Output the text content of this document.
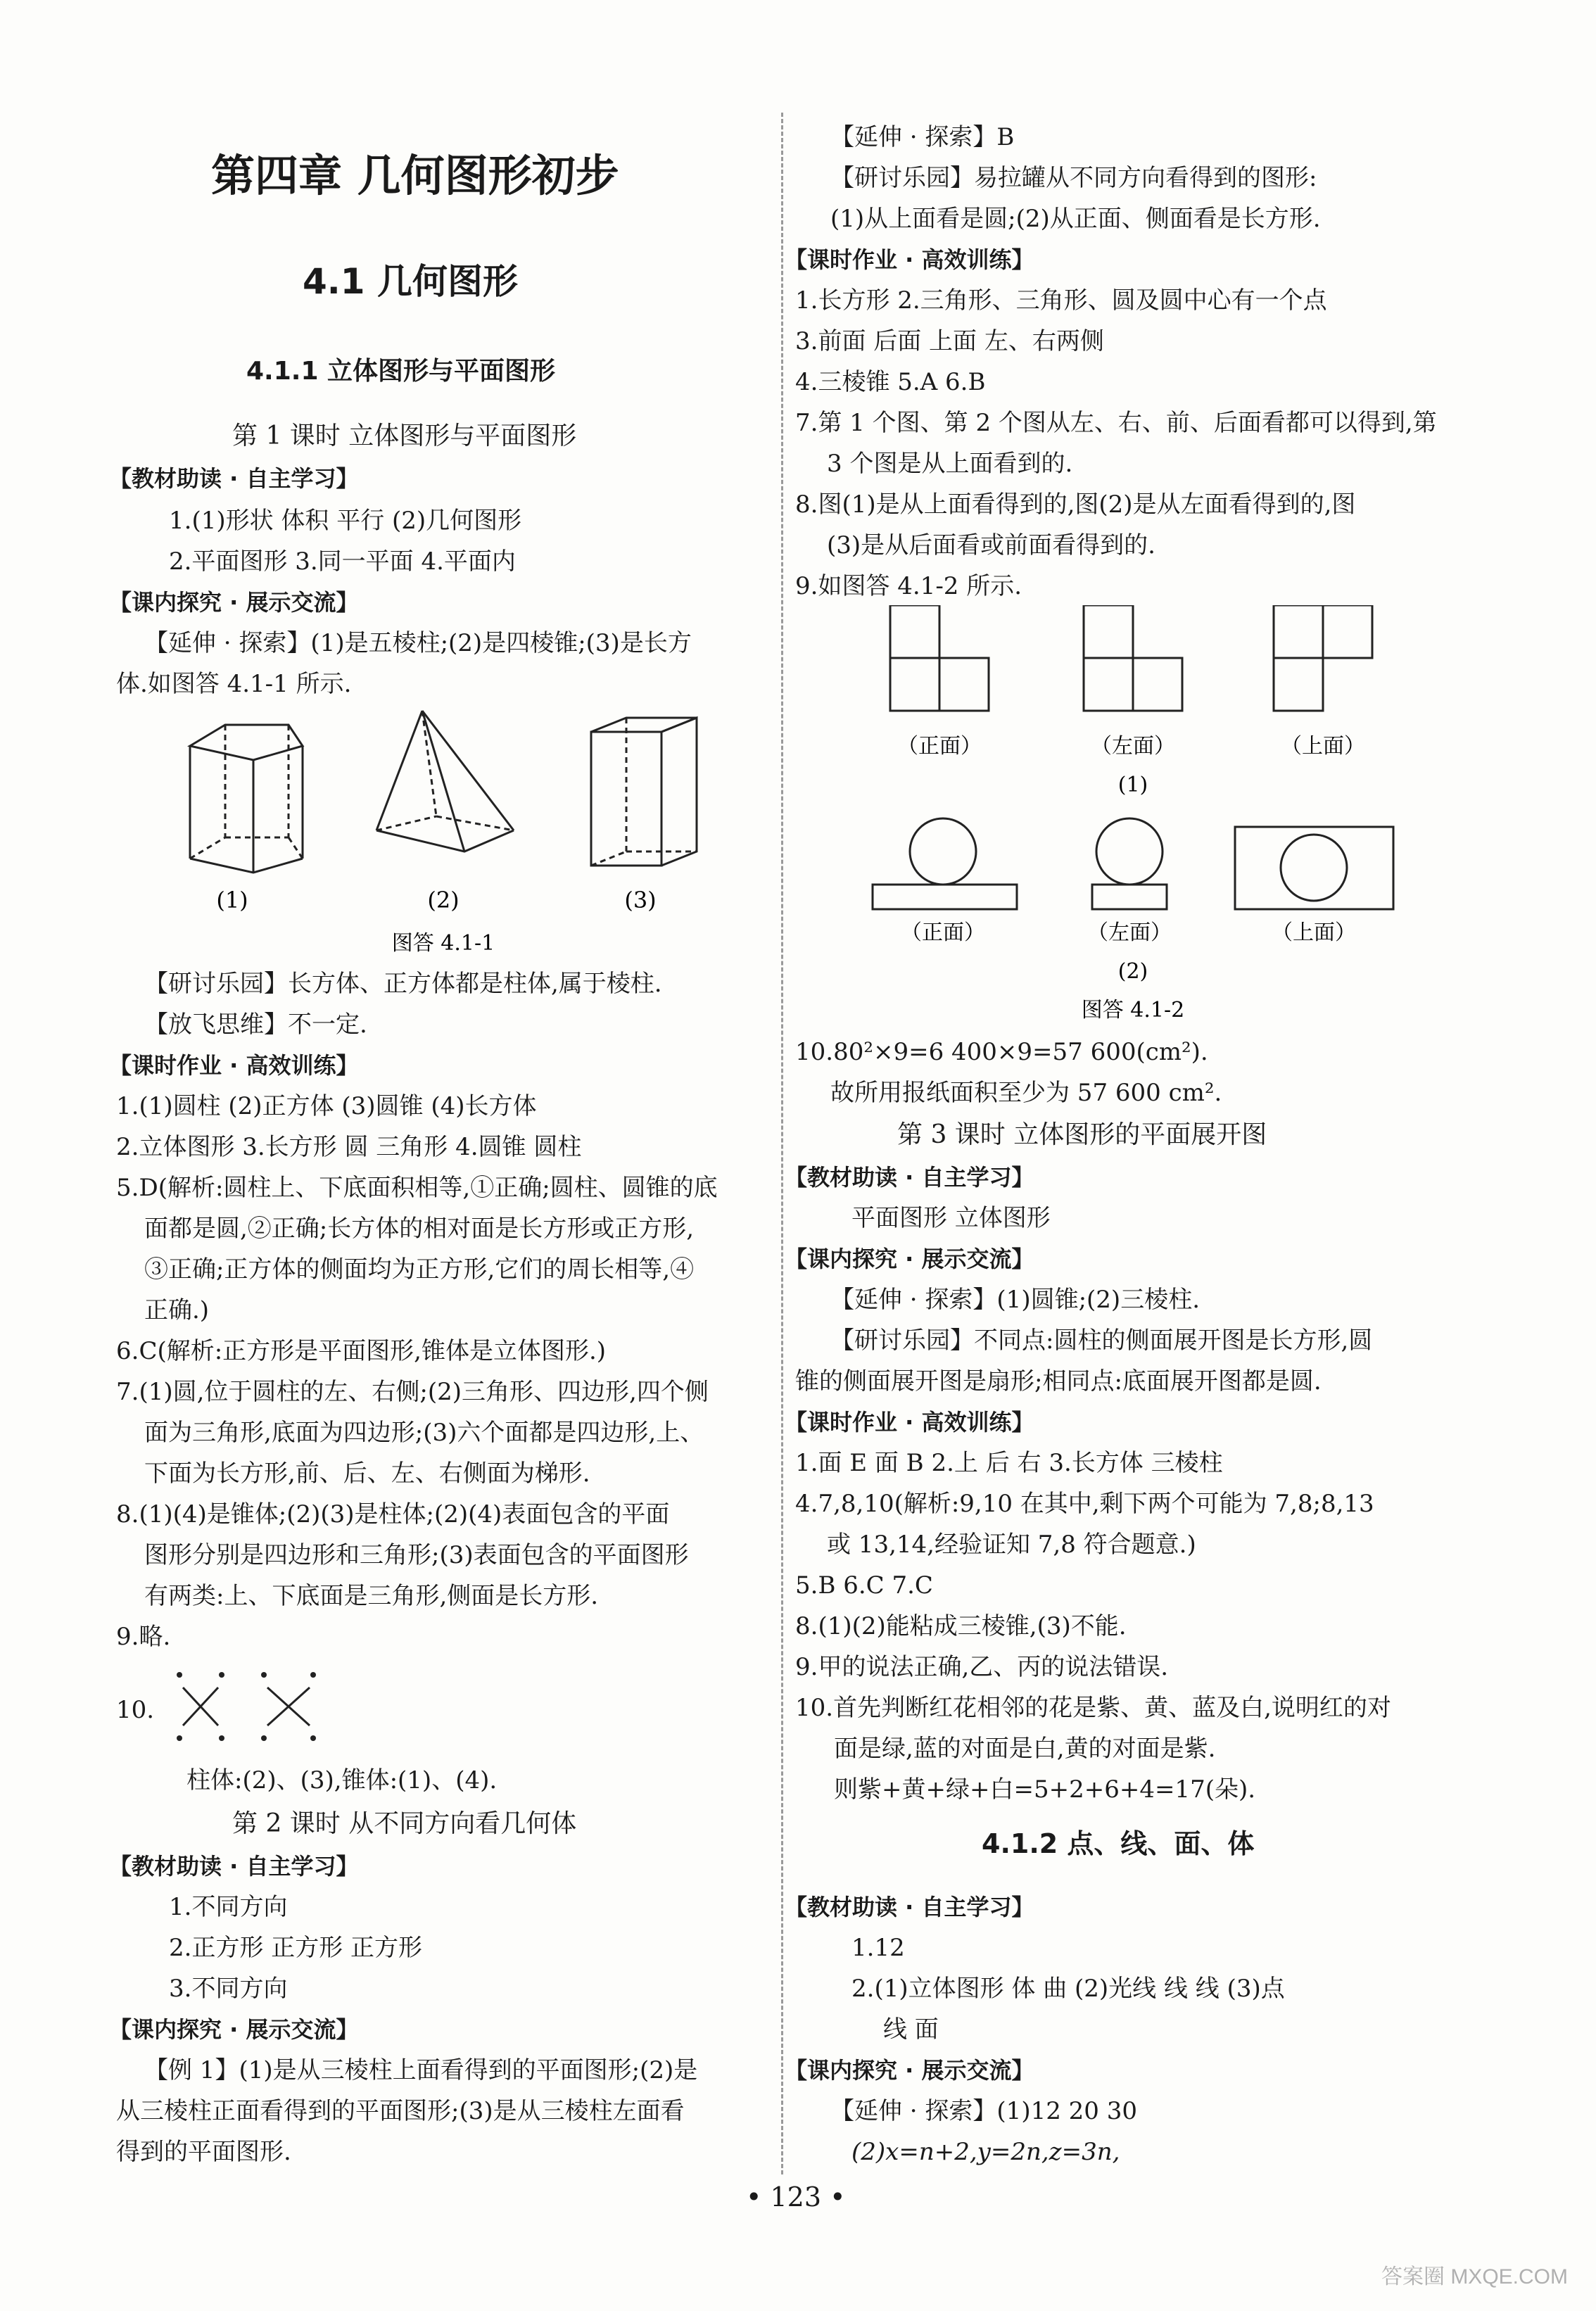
第四章 几何图形初步
4.1 几何图形
4.1.1 立体图形与平面图形
第 1 课时 立体图形与平面图形
【教材助读 · 自主学习】
1.(1)形状 体积 平行 (2)几何图形
2.平面图形 3.同一平面 4.平面内
【课内探究 · 展示交流】
【延伸 · 探索】(1)是五棱柱;(2)是四棱锥;(3)是长方
体.如图答 4.1-1 所示.
(1)	(2)	(3)
图答 4.1-1
【研讨乐园】长方体、正方体都是柱体,属于棱柱.
【放飞思维】不一定.
【课时作业 · 高效训练】
1.(1)圆柱 (2)正方体 (3)圆锥 (4)长方体
2.立体图形 3.长方形 圆 三角形 4.圆锥 圆柱
5.D(解析:圆柱上、下底面积相等,①正确;圆柱、圆锥的底
面都是圆,②正确;长方体的相对面是长方形或正方形,
③正确;正方体的侧面均为正方形,它们的周长相等,④
正确.)
6.C(解析:正方形是平面图形,锥体是立体图形.)
7.(1)圆,位于圆柱的左、右侧;(2)三角形、四边形,四个侧
面为三角形,底面为四边形;(3)六个面都是四边形,上、
下面为长方形,前、后、左、右侧面为梯形.
8.(1)(4)是锥体;(2)(3)是柱体;(2)(4)表面包含的平面
图形分别是四边形和三角形;(3)表面包含的平面图形
有两类:上、下底面是三角形,侧面是长方形.
9.略.
10.
柱体:(2)、(3),锥体:(1)、(4).
第 2 课时 从不同方向看几何体
【教材助读 · 自主学习】
1.不同方向
2.正方形 正方形 正方形
3.不同方向
【课内探究 · 展示交流】
【例 1】(1)是从三棱柱上面看得到的平面图形;(2)是
从三棱柱正面看得到的平面图形;(3)是从三棱柱左面看
得到的平面图形.
【延伸 · 探索】B
【研讨乐园】易拉罐从不同方向看得到的图形:
(1)从上面看是圆;(2)从正面、侧面看是长方形.
【课时作业 · 高效训练】
1.长方形 2.三角形、三角形、圆及圆中心有一个点
3.前面 后面 上面 左、右两侧
4.三棱锥 5.A 6.B
7.第 1 个图、第 2 个图从左、右、前、后面看都可以得到,第
3 个图是从上面看到的.
8.图(1)是从上面看得到的,图(2)是从左面看得到的,图
(3)是从后面看或前面看得到的.
9.如图答 4.1-2 所示.
（正面）	（左面）	（上面）
(1)
（正面）	（左面）	（上面）
(2)
图答 4.1-2
10.80²×9=6 400×9=57 600(cm²).
故所用报纸面积至少为 57 600 cm².
第 3 课时 立体图形的平面展开图
【教材助读 · 自主学习】
平面图形 立体图形
【课内探究 · 展示交流】
【延伸 · 探索】(1)圆锥;(2)三棱柱.
【研讨乐园】不同点:圆柱的侧面展开图是长方形,圆
锥的侧面展开图是扇形;相同点:底面展开图都是圆.
【课时作业 · 高效训练】
1.面 E 面 B 2.上 后 右 3.长方体 三棱柱
4.7,8,10(解析:9,10 在其中,剩下两个可能为 7,8;8,13
或 13,14,经验证知 7,8 符合题意.)
5.B 6.C 7.C
8.(1)(2)能粘成三棱锥,(3)不能.
9.甲的说法正确,乙、丙的说法错误.
10.首先判断红花相邻的花是紫、黄、蓝及白,说明红的对
面是绿,蓝的对面是白,黄的对面是紫.
则紫+黄+绿+白=5+2+6+4=17(朵).
4.1.2 点、线、面、体
【教材助读 · 自主学习】
1.12
2.(1)立体图形 体 曲 (2)光线 线 线 (3)点
线 面
【课内探究 · 展示交流】
【延伸 · 探索】(1)12 20 30
(2)x=n+2,y=2n,z=3n,
• 123 •
答案圈 MXQE.COM
